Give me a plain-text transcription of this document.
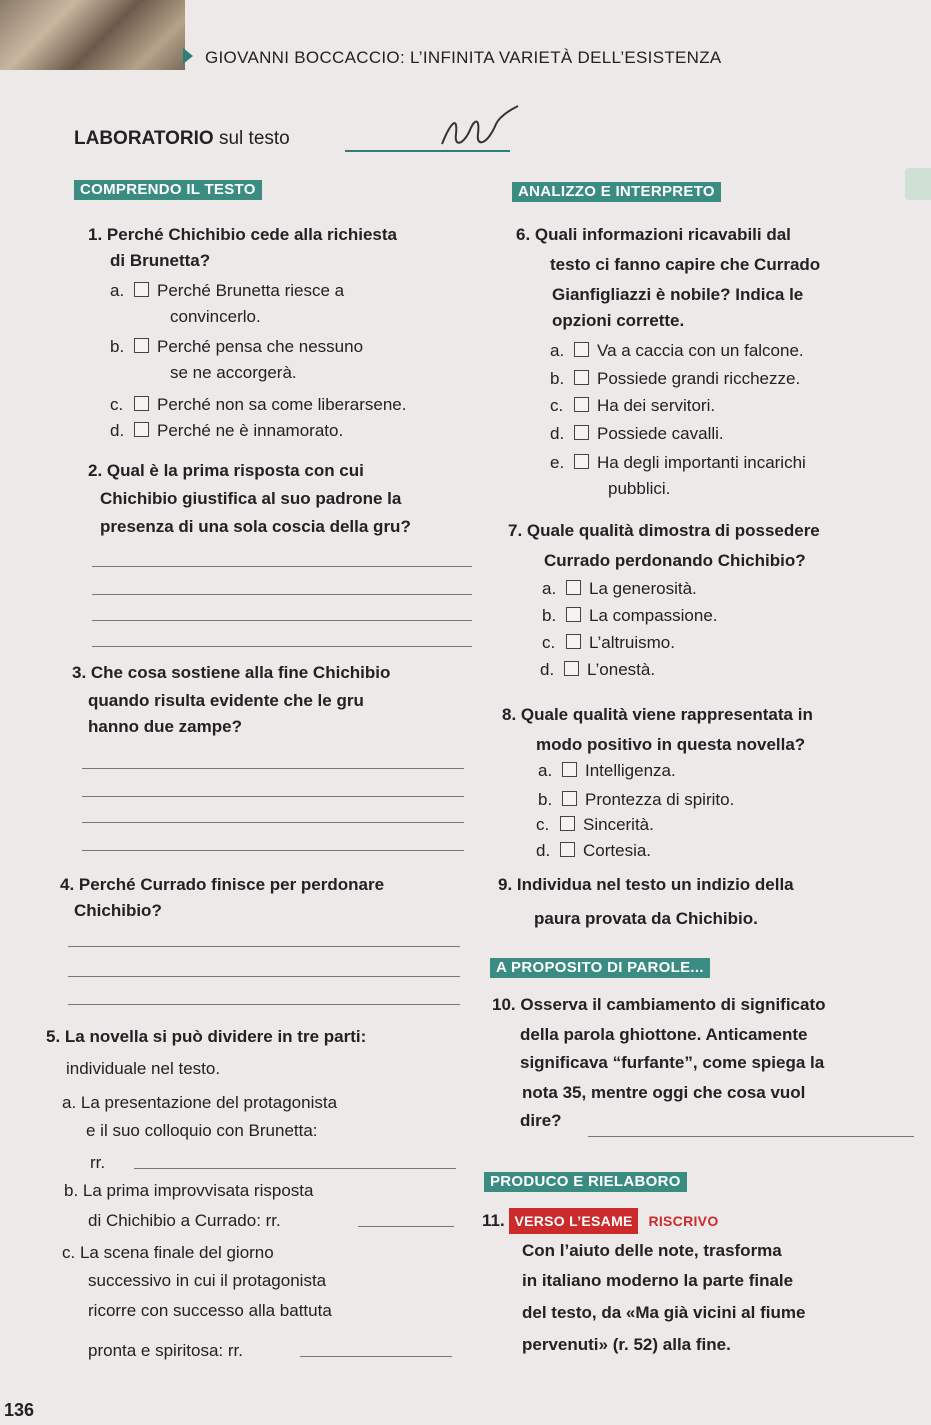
GIOVANNI BOCCACCIO: L’INFINITA VARIETÀ DELL’ESISTENZA
LABORATORIO sul testo
COMPRENDO IL TESTO	ANALIZZO E INTERPRETO
1. Perché Chichibio cede alla richiesta
di Brunetta?
a. Perché Brunetta riesce a
convincerlo.
b. Perché pensa che nessuno
se ne accorgerà.
c. Perché non sa come liberarsene.
d. Perché ne è innamorato.
2. Qual è la prima risposta con cui
Chichibio giustifica al suo padrone la
presenza di una sola coscia della gru?
3. Che cosa sostiene alla fine Chichibio
quando risulta evidente che le gru
hanno due zampe?
4. Perché Currado finisce per perdonare
Chichibio?
5. La novella si può dividere in tre parti:
individuale nel testo.
a. La presentazione del protagonista
e il suo colloquio con Brunetta:
rr.
b. La prima improvvisata risposta
di Chichibio a Currado: rr.
c. La scena finale del giorno
successivo in cui il protagonista
ricorre con successo alla battuta
pronta e spiritosa: rr.
136
6. Quali informazioni ricavabili dal
testo ci fanno capire che Currado
Gianfigliazzi è nobile? Indica le
opzioni corrette.
a. Va a caccia con un falcone.
b. Possiede grandi ricchezze.
c. Ha dei servitori.
d. Possiede cavalli.
e. Ha degli importanti incarichi
pubblici.
7. Quale qualità dimostra di possedere
Currado perdonando Chichibio?
a. La generosità.
b. La compassione.
c. L’altruismo.
d. L’onestà.
8. Quale qualità viene rappresentata in
modo positivo in questa novella?
a. Intelligenza.
b. Prontezza di spirito.
c. Sincerità.
d. Cortesia.
9. Individua nel testo un indizio della
paura provata da Chichibio.
A PROPOSITO DI PAROLE...
10. Osserva il cambiamento di significato
della parola ghiottone. Anticamente
significava “furfante”, come spiega la
nota 35, mentre oggi che cosa vuol
dire?
PRODUCO E RIELABORO
11. VERSO L’ESAME RISCRIVO
Con l’aiuto delle note, trasforma
in italiano moderno la parte finale
del testo, da «Ma già vicini al fiume
pervenuti» (r. 52) alla fine.
